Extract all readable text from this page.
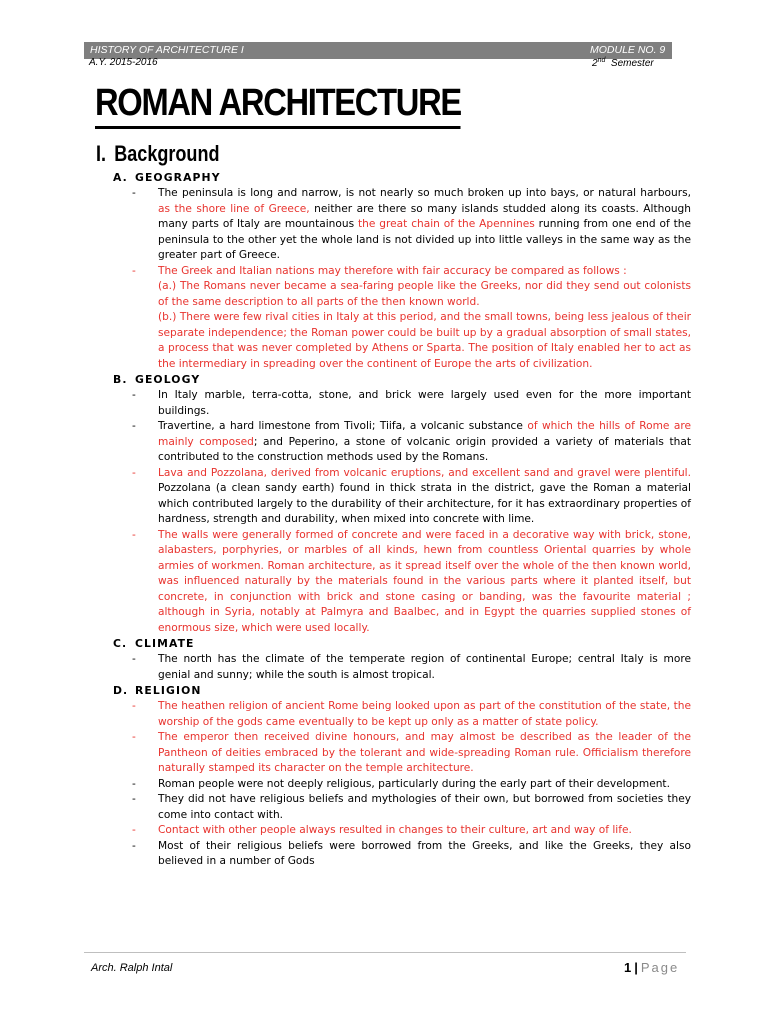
HISTORY OF ARCHITECTURE I	MODULE NO. 9
A.Y. 2015-2016	2nd Semester
ROMAN ARCHITECTURE
I. Background
A. GEOGRAPHY
-	The peninsula is long and narrow, is not nearly so much broken up into bays, or natural harbours, as the shore line of Greece, neither are there so many islands studded along its coasts. Although many parts of Italy are mountainous the great chain of the Apennines running from one end of the peninsula to the other yet the whole land is not divided up into little valleys in the same way as the greater part of Greece.
-	The Greek and Italian nations may therefore with fair accuracy be compared as follows :
(a.) The Romans never became a sea-faring people like the Greeks, nor did they send out colonists of the same description to all parts of the then known world.
(b.) There were few rival cities in Italy at this period, and the small towns, being less jealous of their separate independence; the Roman power could be built up by a gradual absorption of small states, a process that was never completed by Athens or Sparta. The position of Italy enabled her to act as the intermediary in spreading over the continent of Europe the arts of civilization.
B. GEOLOGY
-	In Italy marble, terra-cotta, stone, and brick were largely used even for the more important buildings.
-	Travertine, a hard limestone from Tivoli; Tiifa, a volcanic substance of which the hills of Rome are mainly composed; and Peperino, a stone of volcanic origin provided a variety of materials that contributed to the construction methods used by the Romans.
-	Lava and Pozzolana, derived from volcanic eruptions, and excellent sand and gravel were plentiful. Pozzolana (a clean sandy earth) found in thick strata in the district, gave the Roman a material which contributed largely to the durability of their architecture, for it has extraordinary properties of hardness, strength and durability, when mixed into concrete with lime.
-	The walls were generally formed of concrete and were faced in a decorative way with brick, stone, alabasters, porphyries, or marbles of all kinds, hewn from countless Oriental quarries by whole armies of workmen. Roman architecture, as it spread itself over the whole of the then known world, was influenced naturally by the materials found in the various parts where it planted itself, but concrete, in conjunction with brick and stone casing or banding, was the favourite material ; although in Syria, notably at Palmyra and Baalbec, and in Egypt the quarries supplied stones of enormous size, which were used locally.
C. CLIMATE
-	The north has the climate of the temperate region of continental Europe; central Italy is more genial and sunny; while the south is almost tropical.
D. RELIGION
-	The heathen religion of ancient Rome being looked upon as part of the constitution of the state, the worship of the gods came eventually to be kept up only as a matter of state policy.
-	The emperor then received divine honours, and may almost be described as the leader of the Pantheon of deities embraced by the tolerant and wide-spreading Roman rule. Officialism therefore naturally stamped its character on the temple architecture.
-	Roman people were not deeply religious, particularly during the early part of their development.
-	They did not have religious beliefs and mythologies of their own, but borrowed from societies they come into contact with.
-	Contact with other people always resulted in changes to their culture, art and way of life.
-	Most of their religious beliefs were borrowed from the Greeks, and like the Greeks, they also believed in a number of Gods
Arch. Ralph Intal	1 | Page
